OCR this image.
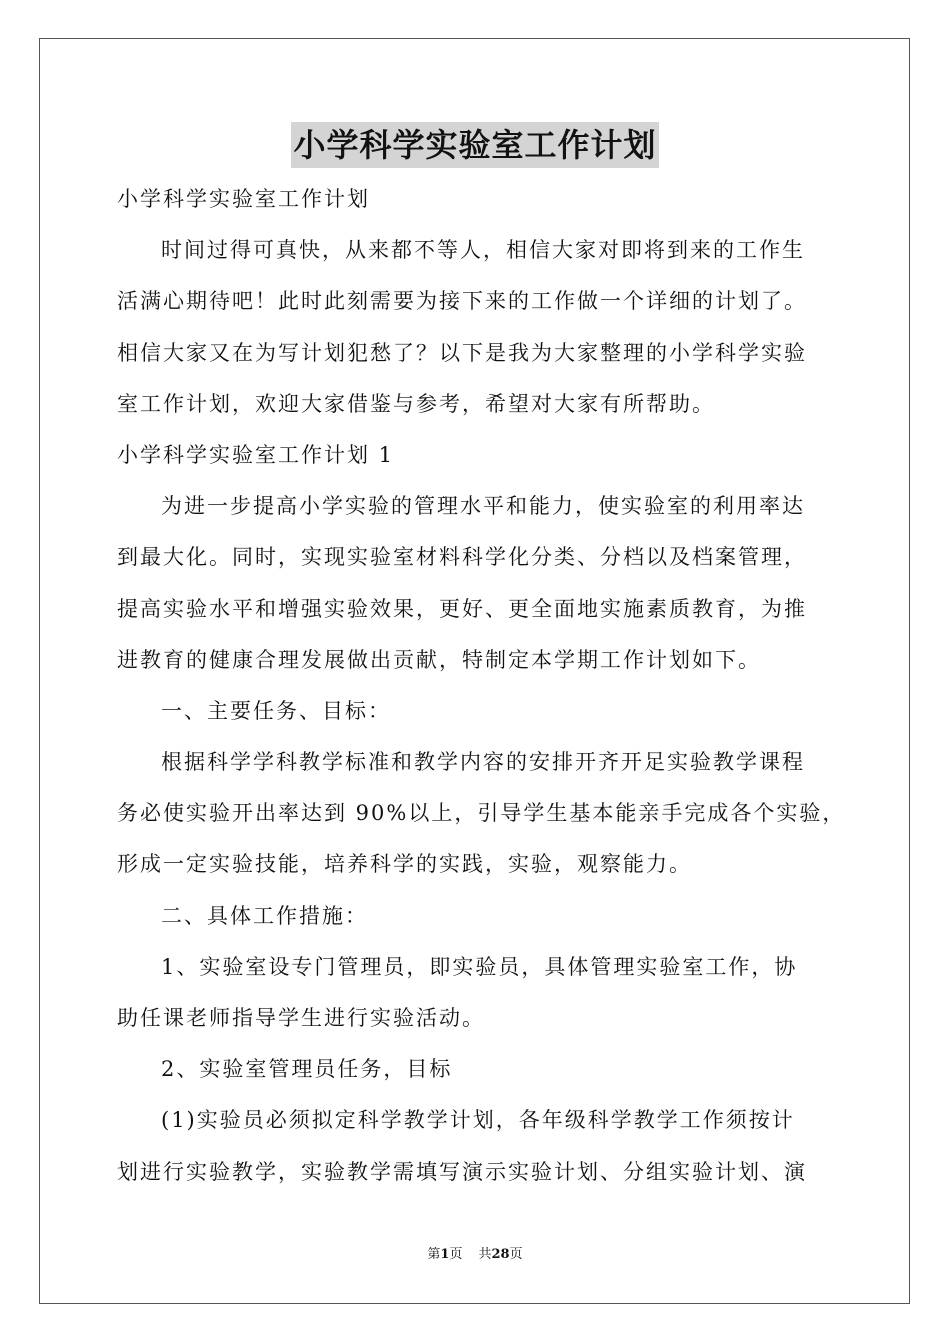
小学科学实验室工作计划
小学科学实验室工作计划
时间过得可真快，从来都不等人，相信大家对即将到来的工作生
活满心期待吧！此时此刻需要为接下来的工作做一个详细的计划了。
相信大家又在为写计划犯愁了？以下是我为大家整理的小学科学实验
室工作计划，欢迎大家借鉴与参考，希望对大家有所帮助。
小学科学实验室工作计划 1
为进一步提高小学实验的管理水平和能力，使实验室的利用率达
到最大化。同时，实现实验室材料科学化分类、分档以及档案管理，
提高实验水平和增强实验效果，更好、更全面地实施素质教育，为推
进教育的健康合理发展做出贡献，特制定本学期工作计划如下。
一、主要任务、目标：
根据科学学科教学标准和教学内容的安排开齐开足实验教学课程
务必使实验开出率达到 90%以上，引导学生基本能亲手完成各个实验，
形成一定实验技能，培养科学的实践，实验，观察能力。
二、具体工作措施：
1、实验室设专门管理员，即实验员，具体管理实验室工作，协
助任课老师指导学生进行实验活动。
2、实验室管理员任务，目标
(1)实验员必须拟定科学教学计划，各年级科学教学工作须按计
划进行实验教学，实验教学需填写演示实验计划、分组实验计划、演
第1页 共28页
